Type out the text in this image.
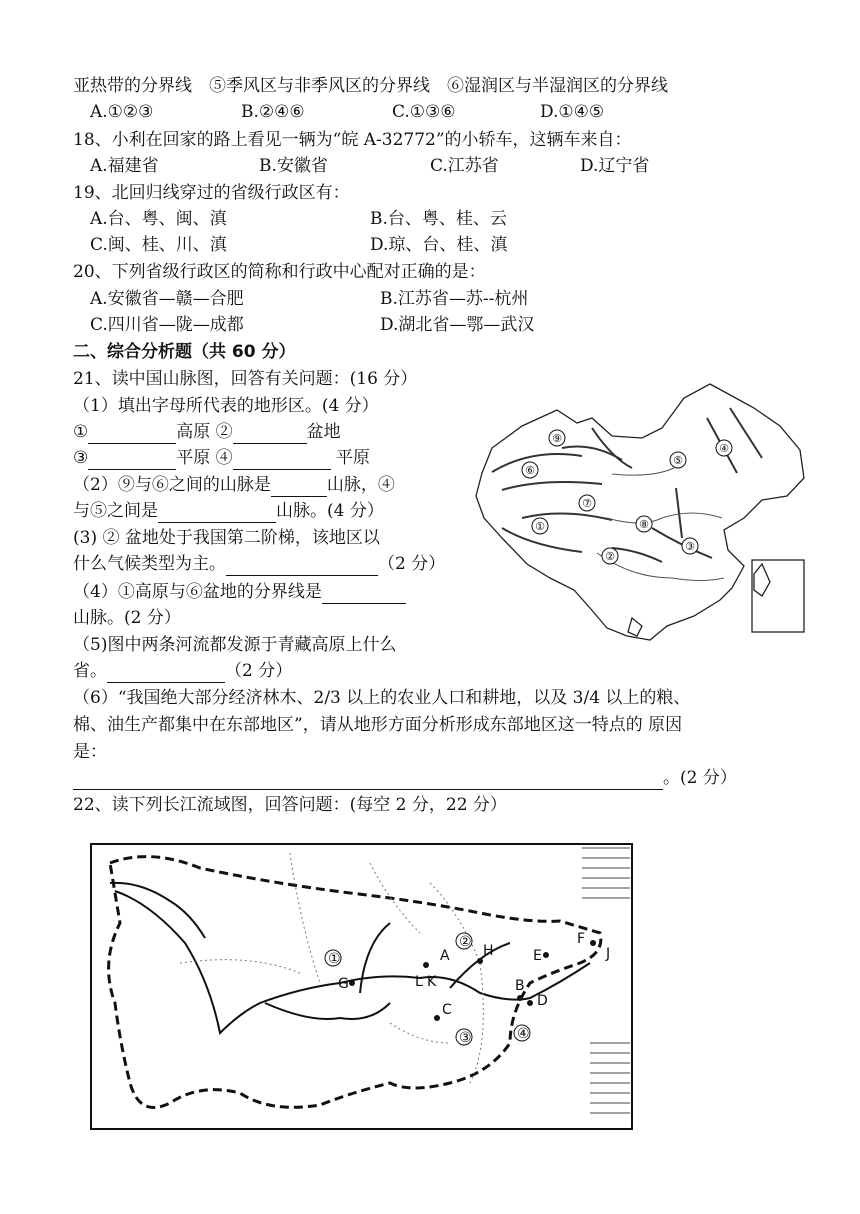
亚热带的分界线　⑤季风区与非季风区的分界线　⑥湿润区与半湿润区的分界线
A.①②③	B.②④⑥	C.①③⑥	D.①④⑤
18、小利在回家的路上看见一辆为“皖 A-32772”的小轿车，这辆车来自：
A.福建省	B.安徽省	C.江苏省	D.辽宁省
19、北回归线穿过的省级行政区有：
A.台、粤、闽、滇	B.台、粤、桂、云
C.闽、桂、川、滇	D.琼、台、桂、滇
20、下列省级行政区的简称和行政中心配对正确的是：
A.安徽省—赣—合肥	B.江苏省—苏--杭州
C.四川省—陇—成都	D.湖北省—鄂—武汉
二、综合分析题（共 60 分）
21、读中国山脉图，回答有关问题：(16 分）
（1）填出字母所代表的地形区。(4 分）
①	高原 ②	盆地
③	平原 ④	平原
（2）⑨与⑥之间的山脉是	山脉，④
与⑤之间是	山脉。(4 分）
(3) ② 盆地处于我国第二阶梯，该地区以
什么气候类型为主。	（2 分）
（4）①高原与⑥盆地的分界线是
山脉。(2 分）
（5)图中两条河流都发源于青藏高原上什么
省。	（2 分）
（6）“我国绝大部分经济林木、2/3 以上的农业人口和耕地，以及 3/4 以上的粮、
棉、油生产都集中在东部地区”，请从地形方面分析形成东部地区这一特点的 原因
是：
。(2 分）
⑨
⑥
⑦
①
④
⑤
⑧
②
③
22、读下列长江流域图，回答问题：(每空 2 分，22 分）
①
②
③	④
A
B
C
D
E
F
G
H
L K
J
